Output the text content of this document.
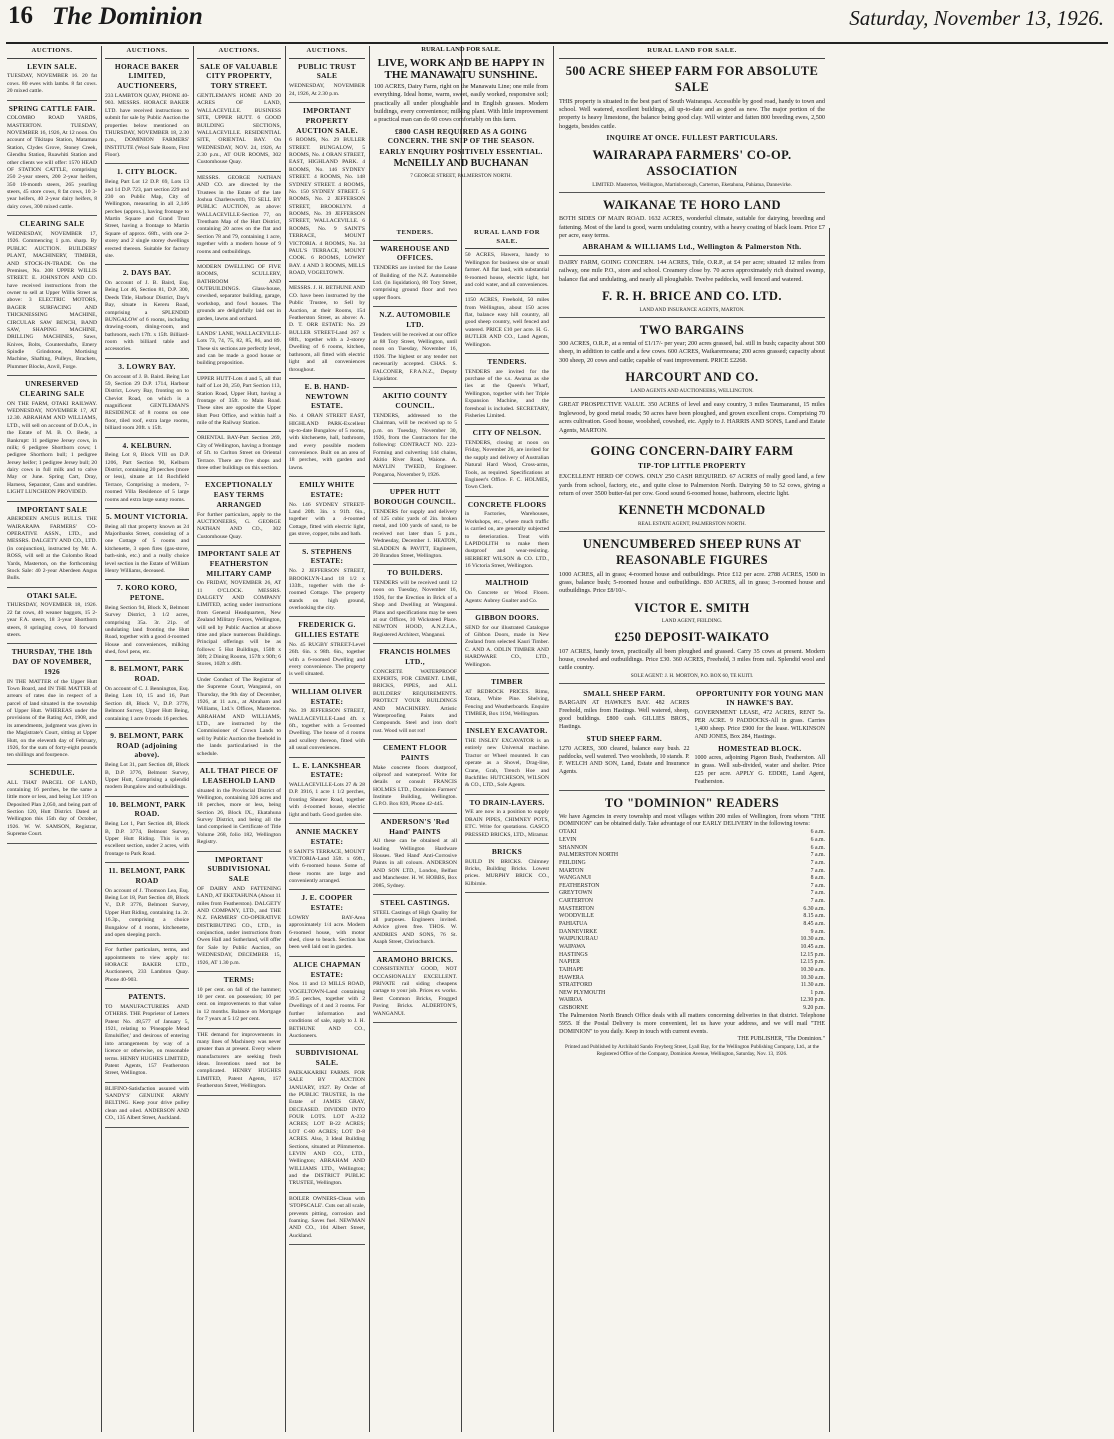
16 The Dominion	Saturday, November 13, 1926.
AUCTIONS.
LEVIN SALE.
TUESDAY, NOVEMBER 16. 20 fat cows. 80 ewes with lambs. 8 fat cows. 20 mixed cattle.
SPRING CATTLE FAIR.
COLOMBO ROAD YARDS, MASTERTON. TUESDAY, NOVEMBER 16, 1926, At 12 noon. On account of Tikitapu Station, Matamau Station, Clydes Grove, Stoney Creek, Glendhu Station, Ruawhiti Station and other clients we will offer: 1570 HEAD OF STATION CATTLE, comprising 250 2-year steers, 200 2-year heifers, 350 18-month steers, 265 yearling steers, 45 store cows, 8 fat cows, 10 3-year heifers, 40 2-year dairy heifers, 8 dairy cows, 300 mixed cattle.
CLEARING SALE
WEDNESDAY, NOVEMBER 17, 1926. Commencing 1 p.m. sharp. By PUBLIC AUCTION. BUILDERS' PLANT, MACHINERY, TIMBER, AND STOCK-IN-TRADE. On the Premises, No. 208 UPPER WILLIS STREET. E. JOHNSTON AND CO. have received instructions from the owner to sell at Upper Willis Street as above: 3 ELECTRIC MOTORS, BAGER SURFACING AND THICKNESSING MACHINE, CIRCULAR SAW BENCH, BAND SAW, SHAPING MACHINE, DRILLING MACHINES, Saws, Knives, Bolts, Countershafts, Emery Spindle Grindstone, Mortising Machine, Shafting, Pulleys, Brackets, Plummer Blocks, Anvil, Forge.
UNRESERVED CLEARING SALE
ON THE FARM, OTAKI RAILWAY. WEDNESDAY, NOVEMBER 17, AT 12.30. ABRAHAM AND WILLIAMS, LTD., will sell on account of D.O.A., in the Estate of M. B. O. Bede, a Bankrupt: 11 pedigree Jersey cows, in milk; 6 pedigree Shorthorn cows; 1 pedigree Shorthorn bull; 1 pedigree Jersey heifer; 1 pedigree Jersey bull; 20 dairy cows in full milk and to calve May or June. Spring Cart, Dray, Harness, Separator, Cans and sundries. LIGHT LUNCHEON PROVIDED.
IMPORTANT SALE
ABERDEEN ANGUS BULLS. THE WAIRARAPA FARMERS' CO-OPERATIVE ASSN., LTD., and MESSRS. DALGETY AND CO., LTD. (in conjunction), instructed by Mr. A. ROSS, will sell at the Colombo Road Yards, Masterton, on the forthcoming Stock Sale: 40 2-year Aberdeen Angus Bulls.
OTAKI SALE.
THURSDAY, NOVEMBER 18, 1926. 22 fat cows, 40 weaner baggots, 15 2-year F.A. steers, 18 3-year Shorthorn steers, 8 springing cows, 10 forward steers.
THURSDAY, THE 18th DAY OF NOVEMBER, 1926
IN THE MATTER of the Upper Hutt Town Board, and IN THE MATTER of arrears of rates due in respect of a parcel of land situated in the township of Upper Hutt. WHEREAS under the provisions of the Rating Act, 1908, and its amendments, judgment was given in the Magistrate's Court, sitting at Upper Hutt, on the eleventh day of February, 1926, for the sum of forty-eight pounds ten shillings and fourpence.
SCHEDULE.
ALL THAT PARCEL OF LAND, containing 16 perches, be the same a little more or less, and being Lot 119 on Deposited Plan 2,050, and being part of Section 120, Hutt District. Dated at Wellington this 15th day of October, 1926. W. W. SAMSON, Registrar, Supreme Court.
AUCTIONS.
HORACE BAKER LIMITED, AUCTIONEERS,
233 LAMBTON QUAY, PHONE 40-903. MESSRS. HORACE BAKER LTD. have received instructions to submit for sale by Public Auction the properties below mentioned on THURSDAY, NOVEMBER 18, 2.30 p.m., DOMINION FARMERS' INSTITUTE (Wool Sale Room, First Floor).
1. CITY BLOCK.
Being Part Lot 12 D.P. 69, Lots 13 and 14 D.P. 723, part section 229 and 230 on Public Map, City of Wellington, measuring in all 2,146 perches (approx.), having frontage to Martin Square and Grand Trust Street, having a frontage to Martin Square of approx. 68ft., with one 2-storey and 2 single storey dwellings erected thereon. Suitable for factory site.
2. DAYS BAY.
On account of J. B. Baird, Esq. Being Lot 46, Section 81, D.P. 300, Deeds Title, Harbour District, Day's Bay, situate in Kereru Road, comprising a SPLENDID BUNGALOW of 6 rooms, including drawing-room, dining-room, and bathroom, each 17ft. x 15ft. Billiard-room with billiard table and accessories.
3. LOWRY BAY.
On account of J. B. Baird. Being Lot 59, Section 29 D.P. 1714, Harbour District, Lowry Bay, fronting on to Cheviot Road, on which is a magnificent GENTLEMAN'S RESIDENCE of 8 rooms on one floor, tiled roof, extra large rooms, billiard room 20ft. x 15ft.
4. KELBURN.
Being Lot 8, Block VIII on D.P. 1206, Part Section 90, Kelburn District, containing 20 perches (more or less), situate at 14 Rochfield Terrace, Comprising a modern, 7-roomed Villa Residence of 5 large rooms and extra large sunny rooms.
5. MOUNT VICTORIA.
Being all that property known as 24 Majoribanks Street, consisting of a one Cottage of 5 rooms and kitchenette, 3 open fires (gas-stove, bath-sink, etc.) and a really choice level section in the Estate of William Henry Williams, deceased.
7. KORO KORO, PETONE.
Being Section 94, Block X, Belmont Survey District, 3 1/2 acres, comprising 35a. 3r. 21p. of undulating land fronting the Hutt Road, together with a good 4-roomed House and conveniences, milking shed, fowl pens, etc.
8. BELMONT, PARK ROAD.
On account of C. J. Bennington, Esq. Being Lots 10, 15 and 16, Part Section 48, Block V., D.P. 3776, Belmont Survey, Upper Hutt Being, containing 1 acre 0 roods 16 perches.
9. BELMONT, PARK ROAD (adjoining above).
Being Lot 31, part Section 48, Block B, D.P. 3776, Belmont Survey, Upper Hutt, Comprising a splendid modern Bungalow and outbuildings.
10. BELMONT, PARK ROAD.
Being Lot 1, Part Section 48, Block B, D.P. 3774, Belmont Survey, Upper Hutt Riding. This is an excellent section, under 2 acres, with frontage to Park Road.
11. BELMONT, PARK ROAD
On account of J. Thomson Lea, Esq. Being Lot 18, Part Section 48, Block V., D.P. 3776, Belmont Survey, Upper Hutt Riding, containing 1a. 2r. 16.3p., comprising a choice Bungalow of 4 rooms, kitchenette, and open sleeping porch.
For further particulars, terms, and appointments to view apply to: HORACE BAKER LTD., Auctioneers, 233 Lambton Quay. Phone 40-903.
PATENTS.
TO MANUFACTURERS AND OTHERS. THE Proprietor of Letters Patent No. 48,577 of January 5, 1921, relating to 'Pineapple Mead Emulsifier,' and desirous of entering into arrangements by way of a licence or otherwise, on reasonable terms. HENRY HUGHES LIMITED, Patent Agents, 157 Featherston Street, Wellington.
BLIFINO-Satisfaction assured with 'SANDY'S' GENUINE ARMY BELTING. Keep your drive pulley clean and oiled. ANDERSON AND CO., 135 Albert Street, Auckland.
AUCTIONS.
SALE OF VALUABLE CITY PROPERTY, TORY STREET.
GENTLEMAN'S HOME AND 20 ACRES OF LAND, WALLACEVILLE. BUSINESS SITE, UPPER HUTT. 6 GOOD BUILDING SECTIONS, WALLACEVILLE. RESIDENTIAL SITE, ORIENTAL BAY. On WEDNESDAY, NOV. 24, 1926, At 2.30 p.m., AT OUR ROOMS, 302 Customhouse Quay.
MESSRS. GEORGE NATHAN AND CO. are directed by the Trustees in the Estate of the late Joshua Charlesworth, TO SELL BY PUBLIC AUCTION, as above: WALLACEVILLE-Section 77, on Trentham Map of the Hutt District, containing 20 acres on the flat and Section 78 and 79, containing 1 acre, together with a modern house of 9 rooms and outbuildings.
MODERN DWELLING OF FIVE ROOMS, SCULLERY, BATHROOM AND OUTBUILDINGS. Glass-house, cowshed, separator building, garage, workshop, and fowl houses. The grounds are delightfully laid out in garden, lawns and orchard.
LANDS' LANE, WALLACEVILLE-Lots 73, 74, 75, 82, 85, 86, and 89. These six sections are perfectly level, and can be made a good house or building proposition.
UPPER HUTT-Lots 4 and 5, all that half of Lot 20, 250, Part Section 113, Station Road, Upper Hutt, having a frontage of 35ft. to Main Road. These sites are opposite the Upper Hutt Post Office, and within half a mile of the Railway Station.
ORIENTAL BAY-Part Section 269, City of Wellington, having a frontage of 5ft. to Carlton Street on Oriental Terrace. There are five shops and three other buildings on this section.
EXCEPTIONALLY EASY TERMS ARRANGED
For further particulars, apply to the AUCTIONEERS, G. GEORGE NATHAN AND CO., 302 Customhouse Quay.
IMPORTANT SALE AT FEATHERSTON MILITARY CAMP
On FRIDAY, NOVEMBER 26, AT 11 O'CLOCK. MESSRS. DALGETY AND COMPANY LIMITED, acting under instructions from General Headquarters, New Zealand Military Forces, Wellington, will sell by Public Auction at above time and place numerous Buildings. Principal offerings will be as follows: 5 Hut Buildings, 150ft x 30ft; 2 Dining Rooms, 157ft x 90ft; 6 Stores, 102ft x 48ft.
Under Conduct of The Registrar of the Supreme Court, Wanganui, on Thursday, the 9th day of December, 1926, at 11 a.m., at Abraham and Williams, Ltd.'s Offices, Masterton. ABRAHAM AND WILLIAMS, LTD., are instructed by the Commissioner of Crown Lands to sell by Public Auction the freehold in the lands particularised in the schedule.
ALL THAT PIECE OF LEASEHOLD LAND
situated in the Provincial District of Wellington, containing 326 acres and 18 perches, more or less, being Section 26, Block IX., Ekatahuna Survey District, and being all the land comprised in Certificate of Title Volume 268, folio 182, Wellington Registry.
IMPORTANT SUBDIVISIONAL SALE
OF DAIRY AND FATTENING LAND, AT EKETAHUNA (About 11 miles from Featherston). DALGETY AND COMPANY, LTD., and THE N.Z. FARMERS' CO-OPERATIVE DISTRIBUTING CO., LTD., in conjunction, under instructions from Owen Hall and Sutherland, will offer for Sale by Public Auction, on WEDNESDAY, DECEMBER 15, 1926, AT 1.30 p.m.
TERMS:
10 per cent. on fall of the hammer; 10 per cent. on possession; 10 per cent. on improvements to that value in 12 months. Balance on Mortgage for 7 years at 5 1/2 per cent.
THE demand for improvements in many lines of Machinery was never greater than at present. Every where manufacturers are seeking fresh ideas. Inventions need not be complicated. HENRY HUGHES LIMITED, Patent Agents, 157 Featherston Street, Wellington.
AUCTIONS.
PUBLIC TRUST SALE
WEDNESDAY, NOVEMBER 24, 1926, At 2.30 p.m.
IMPORTANT PROPERTY AUCTION SALE.
6 ROOMS, No. 29 BULLER STREET. BUNGALOW, 5 ROOMS, No. 4 ORAN STREET, EAST, HIGHLAND PARK. 4 ROOMS, No. 146 SYDNEY STREET. 4 ROOMS, No. 148 SYDNEY STREET. 4 ROOMS, No. 150 SYDNEY STREET. 5 ROOMS, No. 2 JEFFERSON STREET, BROOKLYN. 4 ROOMS, No. 39 JEFFERSON STREET, WALLACEVILLE. 6 ROOMS, No. 9 SAINT'S TERRACE, MOUNT VICTORIA. 4 ROOMS, No. 34 PAUL'S TERRACE, MOUNT COOK. 6 ROOMS, LOWRY BAY. 4 AND 3 ROOMS, MILLS ROAD, VOGELTOWN.
MESSRS. J. H. BETHUNE AND CO. have been instructed by the Public Trustee, to Sell by Auction, at their Rooms, 154 Featherston Street, as above: A. D. T. ORR ESTATE: No. 29 BULLER STREET-Land 267 x 88ft., together with a 2-storey Dwelling of 6 rooms, kitchen, bathroom, all fitted with electric light and all conveniences throughout.
E. B. HAND-NEWTOWN ESTATE.
No. 4 ORAN STREET EAST, HIGHLAND PARK-Excellent up-to-date Bungalow of 5 rooms, with kitchenette, hall, bathroom, and every possible modern convenience. Built on an area of 18 perches, with garden and lawns.
EMILY WHITE ESTATE:
No. 146 SYDNEY STREET-Land 20ft. 3in. x 91ft. 6in., together with a 4-roomed Cottage, fitted with electric light, gas stove, copper, tubs and bath.
S. STEPHENS ESTATE:
No. 2 JEFFERSON STREET, BROOKLYN-Land 18 1/2 x 133ft., together with the 4-roomed Cottage. The property stands on high ground, overlooking the city.
FREDERICK G. GILLIES ESTATE
No. 45 RUGBY STREET-Level 26ft. 6in. x 98ft. 6in., together with a 6-roomed Dwelling and every convenience. The property is well situated.
WILLIAM OLIVER ESTATE:
No. 39 JEFFERSON STREET, WALLACEVILLE-Land 4ft. x 6ft., together with a 5-roomed Dwelling. The house of 4 rooms and scullery thereon, fitted with all usual conveniences.
L. E. LANKSHEAR ESTATE:
WALLACEVILLE-Lots 27 & 28 D.P. 3916, 1 acre 1 1/2 perches, fronting Shearer Road, together with 4-roomed house, electric light and bath. Good garden site.
ANNIE MACKEY ESTATE:
8 SAINT'S TERRACE, MOUNT VICTORIA-Land 35ft. x 69ft., with 6-roomed house. Some of these rooms are large and conveniently arranged.
J. E. COOPER ESTATE:
LOWRY BAY-Area approximately 1/4 acre. Modern 6-roomed house, with motor shed, close to beach. Section has been well laid out in garden.
ALICE CHAPMAN ESTATE:
Nos. 11 and 13 MILLS ROAD, VOGELTOWN-Land containing 39.5 perches, together with 2 Dwellings of 4 and 3 rooms. For further information and conditions of sale, apply to J. H. BETHUNE AND CO., Auctioneers.
SUBDIVISIONAL SALE.
PAEKAKARIKI FARMS. FOR SALE BY AUCTION JANUARY, 1927. By Order of the PUBLIC TRUSTEE, In the Estate of JAMES GRAY, DECEASED. DIVIDED INTO FOUR LOTS. LOT A-232 ACRES; LOT B-22 ACRES; LOT C-80 ACRES; LOT D-8 ACRES. Also, 3 Ideal Building Sections, situated at Plimmerton. LEVIN AND CO., LTD., Wellington; ABRAHAM AND WILLIAMS LTD., Wellington; and the DISTRICT PUBLIC TRUSTEE, Wellington.
BOILER OWNERS-Clean with 'STOPSCALE'. Cuts out all scale, prevents pitting, corrosion and foaming. Saves fuel. NEWMAN AND CO., 104 Albert Street, Auckland.
TENDERS.
WAREHOUSE AND OFFICES.
TENDERS are invited for the Lease of Building of the N.Z. Automobile Ltd. (in liquidation), 88 Tory Street, comprising ground floor and two upper floors.
N.Z. AUTOMOBILE LTD.
Tenders will be received at our office at 88 Tory Street, Wellington, until noon on Tuesday, November 16, 1926. The highest or any tender not necessarily accepted. CHAS. S. FALCONER, F.P.A.N.Z., Deputy Liquidator.
AKITIO COUNTY COUNCIL.
TENDERS, addressed to the Chairman, will be received up to 5 p.m. on Tuesday, November 30, 1926, from the Contractors for the following: CONTRACT NO. 223-Forming and culverting 144 chains, Akitio River Road, Waione. A. MAYLIN TWEED, Engineer. Pongaroa, November 9, 1926.
UPPER HUTT BOROUGH COUNCIL.
TENDERS for supply and delivery of 125 cubic yards of 2in. broken metal, and 100 yards of sand, to be received not later than 5 p.m., Wednesday, December 1. HEATON, SLADDEN & PAVITT, Engineers, 20 Brandon Street, Wellington.
TO BUILDERS.
TENDERS will be received until 12 noon on Tuesday, November 16, 1926, for the Erection in Brick of a Shop and Dwelling at Wanganui. Plans and specifications may be seen at our Offices, 10 Wicksteed Place. NEWTON HOOD, A.N.Z.I.A., Registered Architect, Wanganui.
FRANCIS HOLMES LTD.,
CONCRETE WATERPROOF EXPERTS, FOR CEMENT. LIME, BRICKS, PIPES, and ALL BUILDERS' REQUIREMENTS. PROTECT YOUR BUILDINGS AND MACHINERY. Artistic Waterproofing Paints and Compounds. Steel and iron don't rust. Wood will not rot!
CEMENT FLOOR PAINTS
Make concrete floors dustproof, oilproof and waterproof. Write for details or consult FRANCIS HOLMES LTD., Dominion Farmers' Institute Building, Wellington. G.P.O. Box 839, Phone 42-445.
ANDERSON'S 'Red Hand' PAINTS
All these can be obtained at all leading Wellington Hardware Houses. 'Red Hand' Anti-Corrosive Paints in all colours. ANDERSON AND SON LTD., London, Belfast and Manchester. H. W. HOBBS, Box 2085, Sydney.
STEEL CASTINGS.
STEEL Castings of High Quality for all purposes. Engineers invited. Advice given free. THOS. W. ANDRIES AND SONS, 76 St. Asaph Street, Christchurch.
ARAMOHO BRICKS.
CONSISTENTLY GOOD, NOT OCCASIONALLY EXCELLENT. PRIVATE rail siding cheapens cartage to your job. Prices ex works. Best Common Bricks, Frogged Paving Bricks. ALDERTON'S, WANGANUI.
RURAL LAND FOR SALE.
50 ACRES, Hawera, handy to Wellington for business site or small farmer. All flat land, with substantial 8-roomed house, electric light, hot and cold water, and all conveniences.
1150 ACRES, Freehold, 50 miles from Wellington, about 150 acres flat, balance easy hill country, all good sheep country, well fenced and watered. PRICE £10 per acre. H. G. BUTLER AND CO., Land Agents, Wellington.
TENDERS.
TENDERS are invited for the purchase of the s.s. Awarua as she lies at the Queen's Wharf, Wellington, together with her Triple Expansion Machine, and the foreshoal is included. SECRETARY, Fisheries Limited.
CITY OF NELSON.
TENDERS, closing at noon on Friday, November 26, are invited for the supply and delivery of Australian Natural Hard Wood, Cross-arms, Tools, as required. Specifications at Engineer's Office. F. C. HOLMES, Town Clerk.
CONCRETE FLOORS
in Factories, Warehouses, Workshops, etc., where much traffic is carried on, are generally subjected to deterioration. Treat with LAPIDOLITH to make them dustproof and wear-resisting. HERBERT WILSON & CO. LTD., 16 Victoria Street, Wellington.
MALTHOID
On Concrete or Wood Floors. Agents: Aubrey Gualter and Co.
GIBBON DOORS.
SEND for our illustrated Catalogue of Gibbon Doors, made in New Zealand from selected Kauri Timber. C. AND A. ODLIN TIMBER AND HARDWARE CO., LTD., Wellington.
TIMBER
AT REDROCK PRICES. Rimu, Totara, White Pine. Shelving, Fencing and Weatherboards. Enquire TIMBER, Box 1194, Wellington.
INSLEY EXCAVATOR.
THE INSLEY EXCAVATOR is an entirely new Universal machine. Tractor or Wheel mounted. It can operate as a Shovel, Drag-line, Crane, Grab, Trench Hoe and Backfiller. HUTCHESON, WILSON & CO., LTD., Sole Agents.
TO DRAIN-LAYERS.
WE are now in a position to supply DRAIN PIPES, CHIMNEY POTS, ETC. Write for quotations. GASCO PRESSED BRICKS, LTD., Miramar.
BRICKS
BUILD IN BRICKS. Chimney Bricks, Building Bricks. Lowest prices. MURPHY BRICK CO., Kilbirnie.
RURAL LAND FOR SALE.
LIVE, WORK AND BE HAPPY IN THE MANAWATU SUNSHINE.
100 ACRES, Dairy Farm, right on the Manawatu Line; one mile from everything. Ideal home, warm, sweet, easily worked, responsive soil; practically all under ploughable and in English grasses. Modern buildings, every convenience; milking plant. With little improvement a practical man can do 60 cows comfortably on this farm.
£800 CASH REQUIRED AS A GOING CONCERN. THE SNIP OF THE SEASON.
EARLY ENQUIRY POSITIVELY ESSENTIAL.
McNEILLY AND BUCHANAN
7 GEORGE STREET, PALMERSTON NORTH.
RURAL LAND FOR SALE.
500 ACRE SHEEP FARM FOR ABSOLUTE SALE
THIS property is situated in the best part of South Wairarapa. Accessible by good road, handy to town and school. Well watered, excellent buildings, all up-to-date and as good as new. The major portion of the property is heavy limestone, the balance being good clay. Will winter and fatten 800 breeding ewes, 2,500 hoggets, besides cattle.
INQUIRE AT ONCE. FULLEST PARTICULARS.
WAIRARAPA FARMERS' CO-OP. ASSOCIATION
LIMITED. Masterton, Wellington, Martinborough, Carterton, Eketahuna, Pahiatua, Dannevirke.
WAIKANAE TE HORO LAND
BOTH SIDES OF MAIN ROAD. 1632 ACRES, wonderful climate, suitable for dairying, breeding and fattening. Most of the land is good, warm undulating country, with a heavy coating of black loam. Price £7 per acre, easy terms.
ABRAHAM & WILLIAMS Ltd., Wellington & Palmerston Nth.
DAIRY FARM, GOING CONCERN. 144 ACRES, Title, O.R.P., at £4 per acre; situated 12 miles from railway, one mile P.O., store and school. Creamery close by. 70 acres approximately rich drained swamp, balance flat and undulating, and nearly all ploughable. Twelve paddocks, well fenced and watered.
F. R. H. BRICE AND CO. LTD.
LAND AND INSURANCE AGENTS, MARTON.
TWO BARGAINS
300 ACRES, O.R.P., at a rental of £1/17/- per year; 200 acres grassed, bal. still in bush; capacity about 300 sheep, in addition to cattle and a few cows. 600 ACRES, Waikaremoana; 200 acres grassed; capacity about 300 sheep, 20 cows and cattle; capable of vast improvement. PRICE £2268.
HARCOURT AND CO.
LAND AGENTS AND AUCTIONEERS, WELLINGTON.
GREAT PROSPECTIVE VALUE. 350 ACRES of level and easy country, 3 miles Taumaranui, 15 miles Inglewood, by good metal roads; 50 acres have been ploughed, and grown excellent crops. Comprising 70 acres cultivation. Good house, woolshed, cowshed, etc. Apply to J. HARRIS AND SONS, Land and Estate Agents, MARTON.
GOING CONCERN-DAIRY FARM
TIP-TOP LITTLE PROPERTY
EXCELLENT HERD OF COWS. ONLY 250 CASH REQUIRED. 67 ACRES of really good land, a few yards from school, factory, etc., and quite close to Palmerston North. Dairying 50 to 52 cows, giving a return of over 3500 butter-fat per cow. Good sound 6-roomed house, bathroom, electric light.
KENNETH MCDONALD
REAL ESTATE AGENT, PALMERSTON NORTH.
UNENCUMBERED SHEEP RUNS AT REASONABLE FIGURES
1000 ACRES, all in grass; 4-roomed house and outbuildings. Price £12 per acre. 2788 ACRES, 1500 in grass, balance bush; 5-roomed house and outbuildings. 830 ACRES, all in grass; 3-roomed house and outbuildings. Price £8/10/-.
VICTOR E. SMITH
LAND AGENT, FEILDING.
£250 DEPOSIT-WAIKATO
107 ACRES, handy town, practically all been ploughed and grassed. Carry 35 cows at present. Modern house, cowshed and outbuildings. Price £30. 360 ACRES, Freehold, 3 miles from rail. Splendid wool and cattle country.
SOLE AGENT: J. H. MORTON, P.O. BOX 60, TE KUITI.
SMALL SHEEP FARM.
BARGAIN AT HAWKE'S BAY. 482 ACRES Freehold, miles from Hastings. Well watered, sheep, good buildings. £800 cash. GILLIES BROS., Hastings.
STUD SHEEP FARM.
1270 ACRES, 300 cleared, balance easy bush. 22 paddocks, well watered. Two woolsheds, 10 stands. P. F. WELCH AND SON, Land, Estate and Insurance Agents.
OPPORTUNITY FOR YOUNG MAN IN HAWKE'S BAY.
GOVERNMENT LEASE, 472 ACRES, RENT 5s. PER ACRE. 9 PADDOCKS-All in grass. Carries 1,400 sheep. Price £900 for the lease. WILKINSON AND JONES, Box 284, Hastings.
HOMESTEAD BLOCK.
1000 acres, adjoining Pigeon Bush, Featherston. All in grass. Well sub-divided, water and shelter. Price £25 per acre. APPLY G. EDDIE, Land Agent, Featherston.
TO "DOMINION" READERS
We have Agencies in every township and most villages within 200 miles of Wellington, from whom "THE DOMINION" can be obtained daily. Take advantage of our EARLY DELIVERY in the following towns:
OTAKI	6 a.m.
LEVIN	6 a.m.
SHANNON	6 a.m.
PALMERSTON NORTH	7 a.m.
FEILDING	7 a.m.
MARTON	7 a.m.
WANGANUI	8 a.m.
FEATHERSTON	7 a.m.
GREYTOWN	7 a.m.
CARTERTON	7 a.m.
MASTERTON	6.30 a.m.
WOODVILLE	8.15 a.m.
PAHIATUA	8.45 a.m.
DANNEVIRKE	9 a.m.
WAIPUKURAU	10.30 a.m.
WAIPAWA	10.45 a.m.
HASTINGS	12.15 p.m.
NAPIER	12.15 p.m.
TAIHAPE	10.30 a.m.
HAWERA	10.30 a.m.
STRATFORD	11.30 a.m.
NEW PLYMOUTH	1 p.m.
WAIROA	12.30 p.m.
GISBORNE	9.20 p.m.
The Palmerston North Branch Office deals with all matters concerning deliveries in that district. Telephone 5955. If the Postal Delivery is more convenient, let us have your address, and we will mail "THE DOMINION" to you daily. Keep in touch with current events.
THE PUBLISHER, "The Dominion."
Printed and Published by Archibald Sando Freyberg Street, Lyall Bay, for the Wellington Publishing Company, Ltd., at the Registered Office of the Company, Dominion Avenue, Wellington, Saturday, Nov. 13, 1926.
